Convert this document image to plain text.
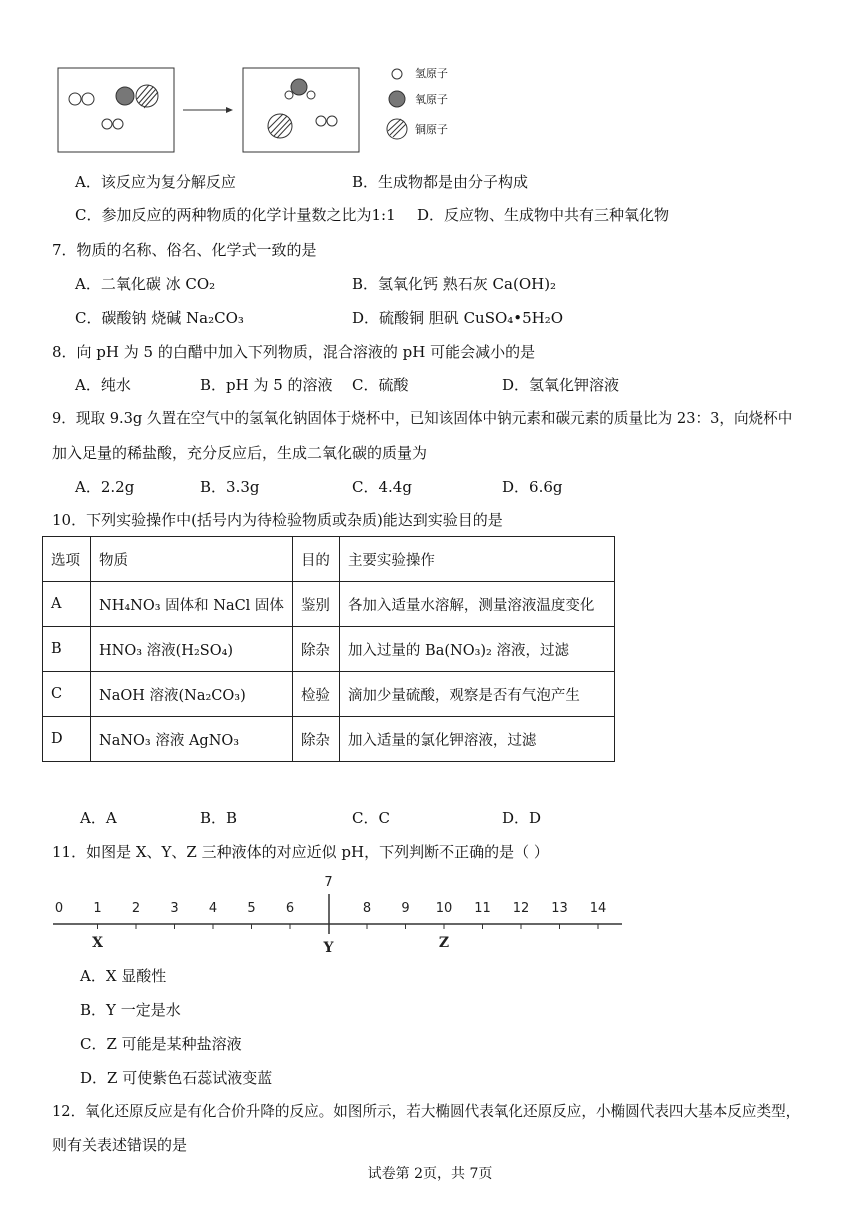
氢原子
氧原子
铜原子
A．该反应为复分解反应	B．生成物都是由分子构成
C．参加反应的两种物质的化学计量数之比为1:1 D．反应物、生成物中共有三种氧化物
7．物质的名称、俗名、化学式一致的是
A．二氧化碳 冰 CO₂	B．氢氧化钙 熟石灰 Ca(OH)₂
C．碳酸钠 烧碱 Na₂CO₃	D．硫酸铜 胆矾 CuSO₄•5H₂O
8．向 pH 为 5 的白醋中加入下列物质，混合溶液的 pH 可能会减小的是
A．纯水	B．pH 为 5 的溶液 C．硫酸	D．氢氧化钾溶液
9．现取 9.3g 久置在空气中的氢氧化钠固体于烧杯中，已知该固体中钠元素和碳元素的质量比为 23：3，向烧杯中
加入足量的稀盐酸，充分反应后，生成二氧化碳的质量为
A．2.2g	B．3.3g	C．4.4g	D．6.6g
10．下列实验操作中(括号内为待检验物质或杂质)能达到实验目的是
选项	物质	目的	主要实验操作
A	NH₄NO₃ 固体和 NaCl 固体	鉴别	各加入适量水溶解，测量溶液温度变化
B	HNO₃ 溶液(H₂SO₄)	除杂	加入过量的 Ba(NO₃)₂ 溶液，过滤
C	NaOH 溶液(Na₂CO₃)	检验	滴加少量硫酸，观察是否有气泡产生
D	NaNO₃ 溶液 AgNO₃	除杂	加入适量的氯化钾溶液，过滤
A．A	B．B	C．C	D．D
11．如图是 X、Y、Z 三种液体的对应近似 pH，下列判断不正确的是（ ）
0 1 2 3 4 5 6
7
8 9 10 11 12 13 14
X	Y	Z
A．X 显酸性
B．Y 一定是水
C．Z 可能是某种盐溶液
D．Z 可使紫色石蕊试液变蓝
12．氧化还原反应是有化合价升降的反应。如图所示，若大椭圆代表氧化还原反应，小椭圆代表四大基本反应类型，
则有关表述错误的是
试卷第 2页，共 7页
